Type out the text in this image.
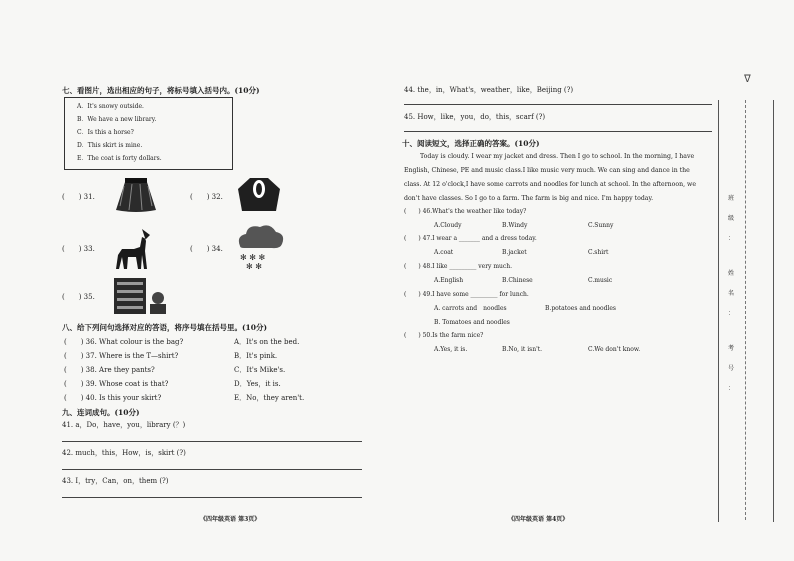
七、看图片，选出相应的句子，将标号填入括号内。(10分)
A．It's snowy outside.
B．We have a new library.
C．Is this a horse?
D．This skirt is mine.
E．The coat is forty dollars.
(　　) 31.	(　　) 32.
(　　) 33.	(　　) 34.
✻ ✻ ✻
✻ ✻
(　　) 35.
八、给下列问句选择对应的答语，将序号填在括号里。(10分)
(　　) 36. What colour is the bag?
(　　) 37. Where is the T—shirt?
(　　) 38. Are they pants?
(　　) 39. Whose coat is that?
(　　) 40. Is this your skirt?
A．It's on the bed.
B．It's pink.
C．It's Mike's.
D．Yes，it is.
E．No，they aren't.
九、连词成句。(10分)
41. a，Do，have，you，library (？)
42. much，this，How，is，skirt (?)
43. I，try，Can，on，them (?)
《四年级英语 第3页》
44. the，in，What's，weather，like，Beijing (?)
45. How，like，you，do，this，scarf (?)
十、阅读短文，选择正确的答案。(10分)
Today is cloudy. I wear my jacket and dress. Then I go to school. In the morning, I have
English, Chinese, PE and music class.I like music very much. We can sing and dance in the
class. At 12 o'clock,I have some carrots and noodles for lunch at school. In the afternoon, we
don't have classes. So I go to a farm. The farm is big and nice. I'm happy today.
(　　) 46.What's the weather like today?
A.Cloudy	B.Windy	C.Sunny
(　　) 47.I wear a _______ and a dress today.
A.coat	B.jacket	C.shirt
(　　) 48.I like _________ very much.
A.English	B.Chinese	C.music
(　　) 49.I have some _________ for lunch.
A. carrots and　noodles	B.potatoes and noodles
B. Tomatoes and noodles
(　　) 50.Is the farm nice?
A.Yes, it is.	B.No, it isn't.	C.We don't know.
《四年级英语 第4页》
班
级
：
姓
名
：
考
号
：
ᐁ
